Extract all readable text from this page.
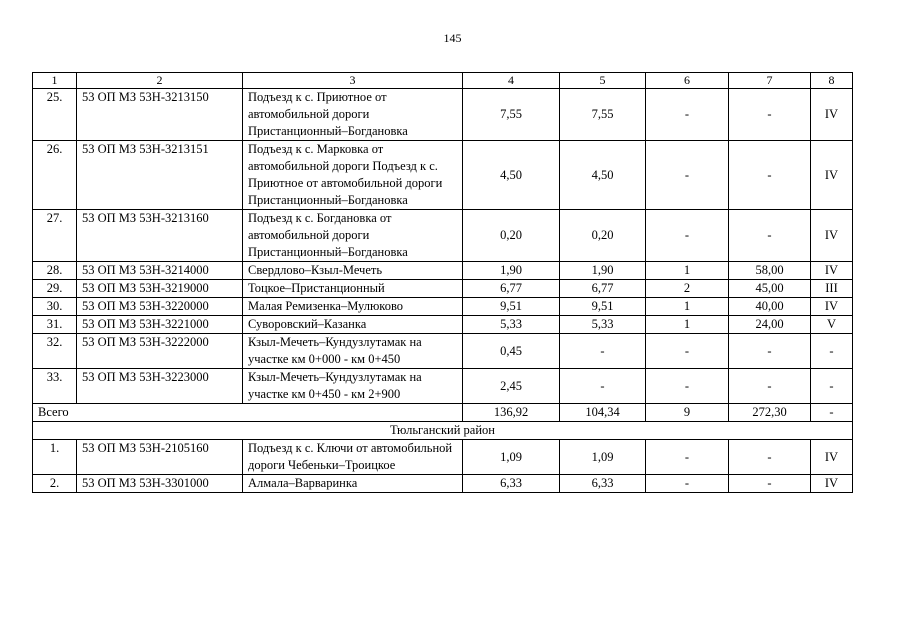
145
1	2	3	4	5	6	7	8
25.	53 ОП МЗ 53Н-3213150	Подъезд к с. Приютное от автомобильной дороги Пристанционный–Богдановка	7,55	7,55	-	-	IV
26.	53 ОП МЗ 53Н-3213151	Подъезд к с. Марковка от автомобильной дороги Подъезд к с. Приютное от автомобильной дороги Пристанционный–Богдановка	4,50	4,50	-	-	IV
27.	53 ОП МЗ 53Н-3213160	Подъезд к с. Богдановка от автомобильной дороги Пристанционный–Богдановка	0,20	0,20	-	-	IV
28.	53 ОП МЗ 53Н-3214000	Свердлово–Кзыл-Мечеть	1,90	1,90	1	58,00	IV
29.	53 ОП МЗ 53Н-3219000	Тоцкое–Пристанционный	6,77	6,77	2	45,00	III
30.	53 ОП МЗ 53Н-3220000	Малая Ремизенка–Мулюково	9,51	9,51	1	40,00	IV
31.	53 ОП МЗ 53Н-3221000	Суворовский–Казанка	5,33	5,33	1	24,00	V
32.	53 ОП МЗ 53Н-3222000	Кзыл-Мечеть–Кундузлутамак на участке км 0+000 - км 0+450	0,45	-	-	-	-
33.	53 ОП МЗ 53Н-3223000	Кзыл-Мечеть–Кундузлутамак на участке км 0+450 - км 2+900	2,45	-	-	-	-
Всего			136,92	104,34	9	272,30	-
Тюльганский район							
1.	53 ОП МЗ 53Н-2105160	Подъезд к с. Ключи от автомобильной дороги Чебеньки–Троицкое	1,09	1,09	-	-	IV
2.	53 ОП МЗ 53Н-3301000	Алмала–Варваринка	6,33	6,33	-	-	IV
